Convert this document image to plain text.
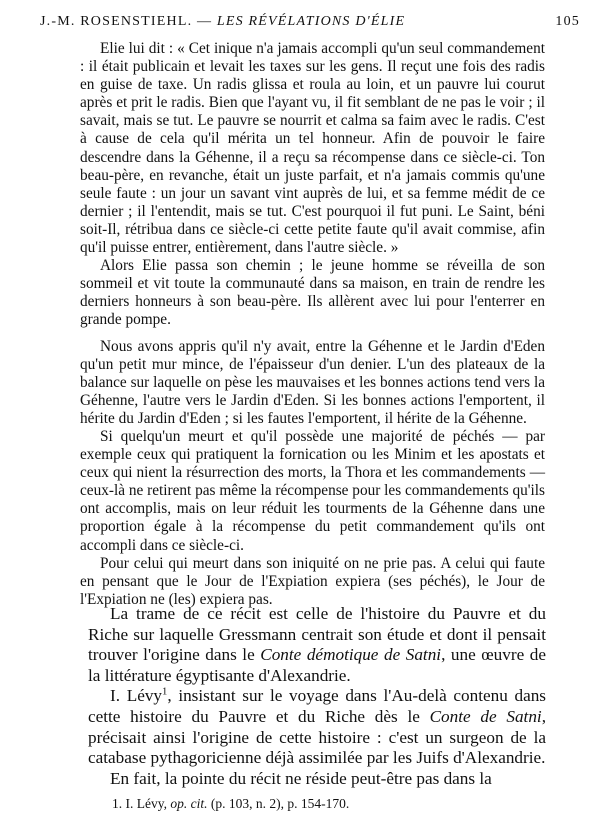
J.-M. ROSENSTIEHL. — LES RÉVÉLATIONS D'ÉLIE	105

Elie lui dit : « Cet inique n'a jamais accompli qu'un seul commandement : il était publicain et levait les taxes sur les gens. Il reçut une fois des radis en guise de taxe. Un radis glissa et roula au loin, et un pauvre lui courut après et prit le radis. Bien que l'ayant vu, il fit semblant de ne pas le voir ; il savait, mais se tut. Le pauvre se nourrit et calma sa faim avec le radis. C'est à cause de cela qu'il mérita un tel honneur. Afin de pouvoir le faire descendre dans la Géhenne, il a reçu sa récompense dans ce siècle-ci. Ton beau-père, en revanche, était un juste parfait, et n'a jamais commis qu'une seule faute : un jour un savant vint auprès de lui, et sa femme médit de ce dernier ; il l'entendit, mais se tut. C'est pourquoi il fut puni. Le Saint, béni soit-Il, rétribua dans ce siècle-ci cette petite faute qu'il avait commise, afin qu'il puisse entrer, entièrement, dans l'autre siècle. »

Alors Elie passa son chemin ; le jeune homme se réveilla de son sommeil et vit toute la communauté dans sa maison, en train de rendre les derniers honneurs à son beau-père. Ils allèrent avec lui pour l'enterrer en grande pompe.

Nous avons appris qu'il n'y avait, entre la Géhenne et le Jardin d'Eden qu'un petit mur mince, de l'épaisseur d'un denier. L'un des plateaux de la balance sur laquelle on pèse les mauvaises et les bonnes actions tend vers la Géhenne, l'autre vers le Jardin d'Eden. Si les bonnes actions l'emportent, il hérite du Jardin d'Eden ; si les fautes l'emportent, il hérite de la Géhenne.

Si quelqu'un meurt et qu'il possède une majorité de péchés — par exemple ceux qui pratiquent la fornication ou les Minim et les apostats et ceux qui nient la résurrection des morts, la Thora et les commandements — ceux-là ne retirent pas même la récompense pour les commandements qu'ils ont accomplis, mais on leur réduit les tourments de la Géhenne dans une proportion égale à la récompense du petit commandement qu'ils ont accompli dans ce siècle-ci.

Pour celui qui meurt dans son iniquité on ne prie pas. A celui qui faute en pensant que le Jour de l'Expiation expiera (ses péchés), le Jour de l'Expiation ne (les) expiera pas.

La trame de ce récit est celle de l'histoire du Pauvre et du Riche sur laquelle Gressmann centrait son étude et dont il pensait trouver l'origine dans le Conte démotique de Satni, une œuvre de la littérature égyptisante d'Alexandrie.

I. Lévy$^1$, insistant sur le voyage dans l'Au-delà contenu dans cette histoire du Pauvre et du Riche dès le Conte de Satni, précisait ainsi l'origine de cette histoire : c'est un surgeon de la catabase pythagoricienne déjà assimilée par les Juifs d'Alexandrie.

En fait, la pointe du récit ne réside peut-être pas dans la

1. I. Lévy, op. cit. (p. 103, n. 2), p. 154-170.
